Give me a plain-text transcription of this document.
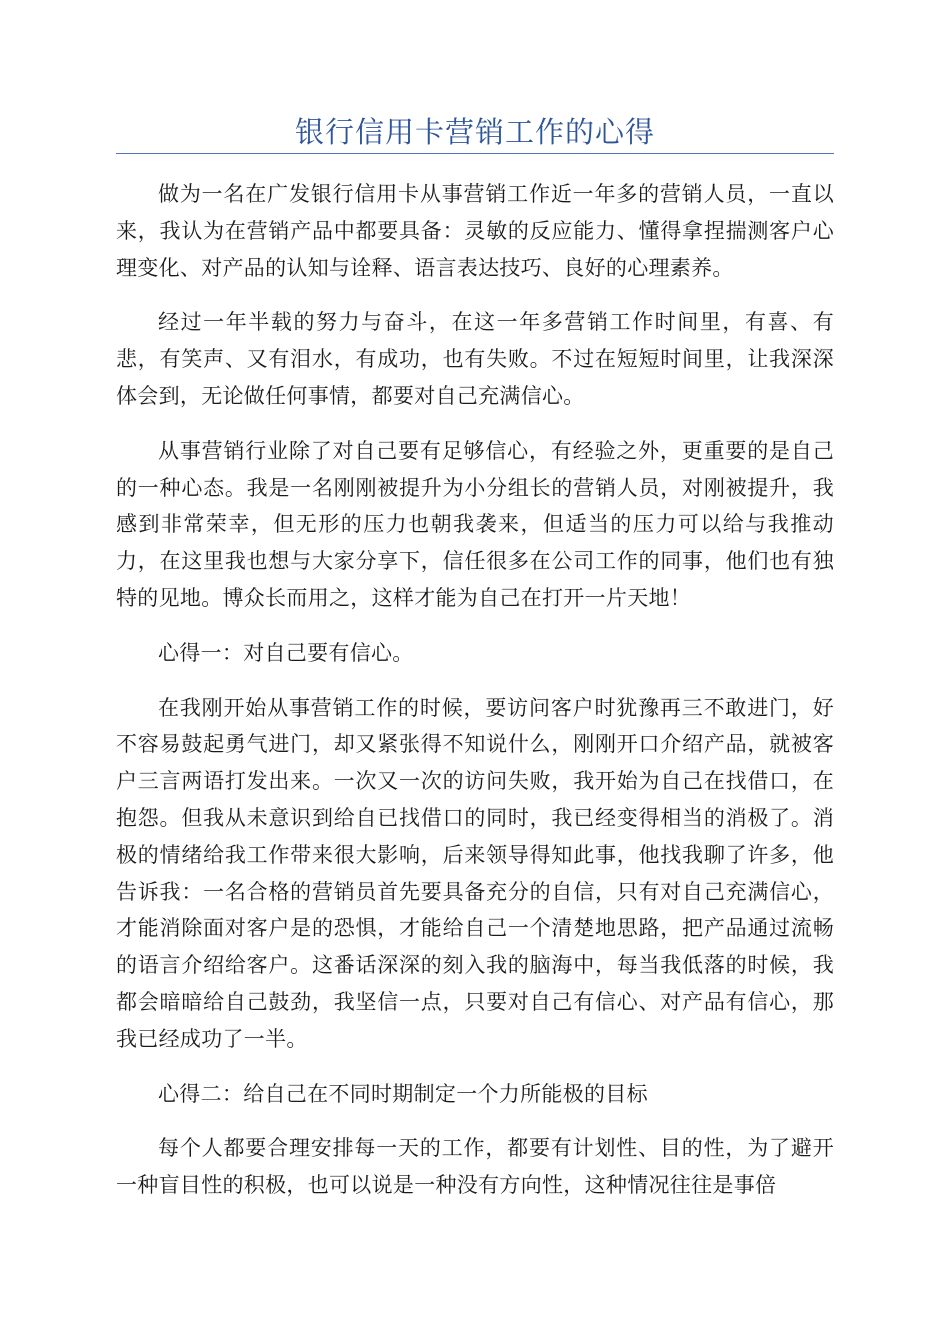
银行信用卡营销工作的心得

做为一名在广发银行信用卡从事营销工作近一年多的营销人员，一直以来，我认为在营销产品中都要具备：灵敏的反应能力、懂得拿捏揣测客户心理变化、对产品的认知与诠释、语言表达技巧、良好的心理素养。

经过一年半载的努力与奋斗，在这一年多营销工作时间里，有喜、有悲，有笑声、又有泪水，有成功，也有失败。不过在短短时间里，让我深深体会到，无论做任何事情，都要对自己充满信心。

从事营销行业除了对自己要有足够信心，有经验之外，更重要的是自己的一种心态。我是一名刚刚被提升为小分组长的营销人员，对刚被提升，我感到非常荣幸，但无形的压力也朝我袭来，但适当的压力可以给与我推动力，在这里我也想与大家分享下，信任很多在公司工作的同事，他们也有独特的见地。博众长而用之，这样才能为自己在打开一片天地！

心得一：对自己要有信心。

在我刚开始从事营销工作的时候，要访问客户时犹豫再三不敢进门，好不容易鼓起勇气进门，却又紧张得不知说什么，刚刚开口介绍产品，就被客户三言两语打发出来。一次又一次的访问失败，我开始为自己在找借口，在抱怨。但我从未意识到给自已找借口的同时，我已经变得相当的消极了。消极的情绪给我工作带来很大影响，后来领导得知此事，他找我聊了许多，他告诉我：一名合格的营销员首先要具备充分的自信，只有对自己充满信心，才能消除面对客户是的恐惧，才能给自己一个清楚地思路，把产品通过流畅的语言介绍给客户。这番话深深的刻入我的脑海中，每当我低落的时候，我都会暗暗给自己鼓劲，我坚信一点，只要对自己有信心、对产品有信心，那我已经成功了一半。

心得二：给自己在不同时期制定一个力所能极的目标

每个人都要合理安排每一天的工作，都要有计划性、目的性，为了避开一种盲目性的积极，也可以说是一种没有方向性，这种情况往往是事倍
